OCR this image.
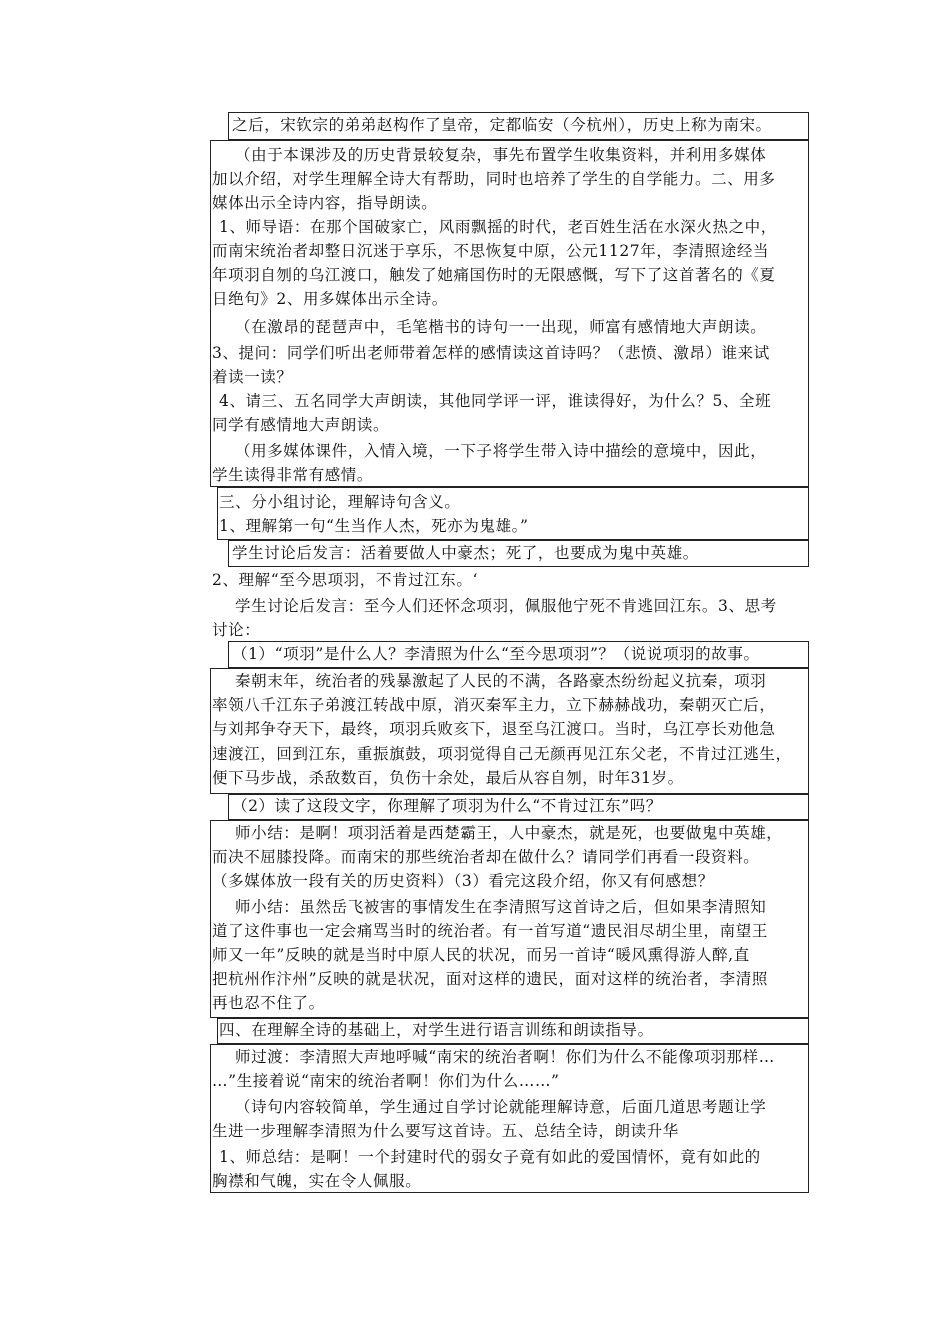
之后，宋钦宗的弟弟赵构作了皇帝，定都临安（今杭州），历史上称为南宋。
（由于本课涉及的历史背景较复杂，事先布置学生收集资料，并利用多媒体
加以介绍，对学生理解全诗大有帮助，同时也培养了学生的自学能力。二、用多
媒体出示全诗内容，指导朗读。
1、师导语：在那个国破家亡，风雨飘摇的时代，老百姓生活在水深火热之中，
而南宋统治者却整日沉迷于享乐，不思恢复中原，公元1127年，李清照途经当
年项羽自刎的乌江渡口，触发了她痛国伤时的无限感慨，写下了这首著名的《夏
日绝句》2、用多媒体出示全诗。
（在激昂的琵琶声中，毛笔楷书的诗句一一出现，师富有感情地大声朗读。
3、提问：同学们听出老师带着怎样的感情读这首诗吗？（悲愤、激昂）谁来试
着读一读？
4、请三、五名同学大声朗读，其他同学评一评，谁读得好，为什么？5、全班
同学有感情地大声朗读。
（用多媒体课件，入情入境，一下子将学生带入诗中描绘的意境中，因此，
学生读得非常有感情。
三、分小组讨论，理解诗句含义。
1、理解第一句“生当作人杰，死亦为鬼雄。”
学生讨论后发言：活着要做人中豪杰；死了，也要成为鬼中英雄。
2、理解“至今思项羽，不肯过江东。‘
学生讨论后发言：至今人们还怀念项羽，佩服他宁死不肯逃回江东。3、思考
讨论：
（1）“项羽”是什么人？李清照为什么“至今思项羽”？（说说项羽的故事。
秦朝末年，统治者的残暴激起了人民的不满，各路豪杰纷纷起义抗秦，项羽
率领八千江东子弟渡江转战中原，消灭秦军主力，立下赫赫战功，秦朝灭亡后，
与刘邦争夺天下，最终，项羽兵败亥下，退至乌江渡口。当时，乌江亭长劝他急
速渡江，回到江东，重振旗鼓，项羽觉得自己无颜再见江东父老，不肯过江逃生，
便下马步战，杀敌数百，负伤十余处，最后从容自刎，时年31岁。
（2）读了这段文字，你理解了项羽为什么“不肯过江东”吗？
师小结：是啊！项羽活着是西楚霸王，人中豪杰，就是死，也要做鬼中英雄，
而决不屈膝投降。而南宋的那些统治者却在做什么？请同学们再看一段资料。
（多媒体放一段有关的历史资料）（3）看完这段介绍，你又有何感想？
师小结：虽然岳飞被害的事情发生在李清照写这首诗之后，但如果李清照知
道了这件事也一定会痛骂当时的统治者。有一首写道“遗民泪尽胡尘里，南望王
师又一年”反映的就是当时中原人民的状况，而另一首诗“暖风熏得游人醉,直
把杭州作汴州”反映的就是状况，面对这样的遗民，面对这样的统治者，李清照
再也忍不住了。
四、在理解全诗的基础上，对学生进行语言训练和朗读指导。
师过渡：李清照大声地呼喊“南宋的统治者啊！你们为什么不能像项羽那样…
…”生接着说“南宋的统治者啊！你们为什么……”
（诗句内容较简单，学生通过自学讨论就能理解诗意，后面几道思考题让学
生进一步理解李清照为什么要写这首诗。五、总结全诗，朗读升华
1、师总结：是啊！一个封建时代的弱女子竟有如此的爱国情怀，竟有如此的
胸襟和气魄，实在令人佩服。
